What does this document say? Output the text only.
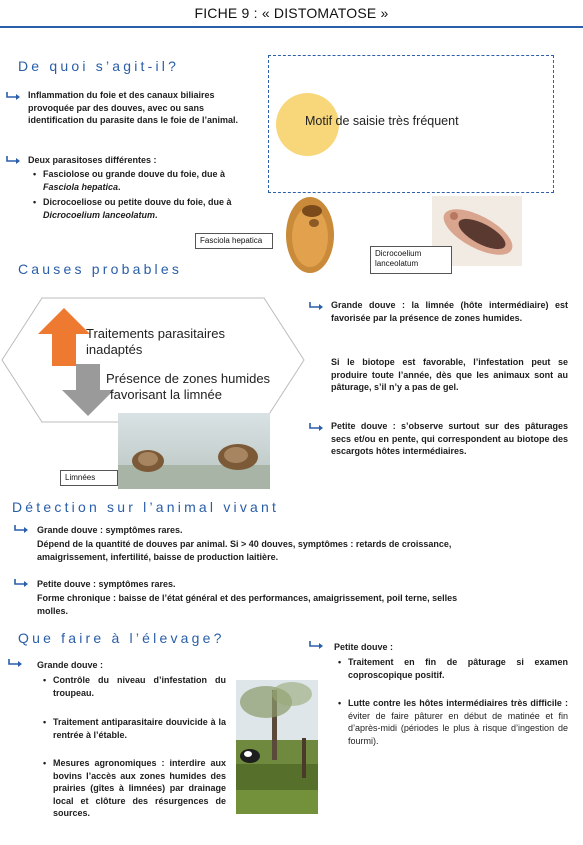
FICHE 9 : « DISTOMATOSE »
De quoi s’agit-il?
Inflammation du foie et des canaux biliaires provoquée par des douves, avec ou sans identification du parasite dans le foie de l’animal.
Deux parasitoses différentes :
• Fasciolose ou grande douve du foie, due à Fasciola hepatica.
• Dicrocoeliose ou petite douve du foie, due à Dicrocoelium lanceolatum.
Motif de saisie très fréquent
Fasciola hepatica
Dicrocoelium
lanceolatum
Causes probables
Traitements parasitaires
inadaptés
Présence de zones humides
favorisant la limnée
Limnées
Grande douve : la limnée (hôte intermédiaire) est favorisée par la présence de zones humides.
Si le biotope est favorable, l’infestation peut se produire toute l’année, dès que les animaux sont au pâturage, s’il n’y a pas de gel.
Petite douve : s’observe surtout sur des pâturages secs et/ou en pente, qui correspondent au biotope des escargots hôtes intermédiaires.
Détection sur l’animal vivant
Grande douve : symptômes rares.
Dépend de la quantité de douves par animal. Si > 40 douves, symptômes : retards de croissance, amaigrissement, infertilité, baisse de production laitière.
Petite douve : symptômes rares.
Forme chronique : baisse de l’état général et des performances, amaigrissement, poil terne, selles molles.
Que faire à l’élevage?
Grande douve :
• Contrôle du niveau d’infestation du troupeau.
• Traitement antiparasitaire douvicide à la rentrée à l’étable.
• Mesures agronomiques : interdire aux bovins l’accès aux zones humides des prairies (gîtes à limnées) par drainage local et clôture des résurgences de sources.
Petite douve :
• Traitement en fin de pâturage si examen coproscopique positif.
• Lutte contre les hôtes intermédiaires très difficile : éviter de faire pâturer en début de matinée et fin d’après-midi (périodes le plus à risque d’ingestion de fourmi).
